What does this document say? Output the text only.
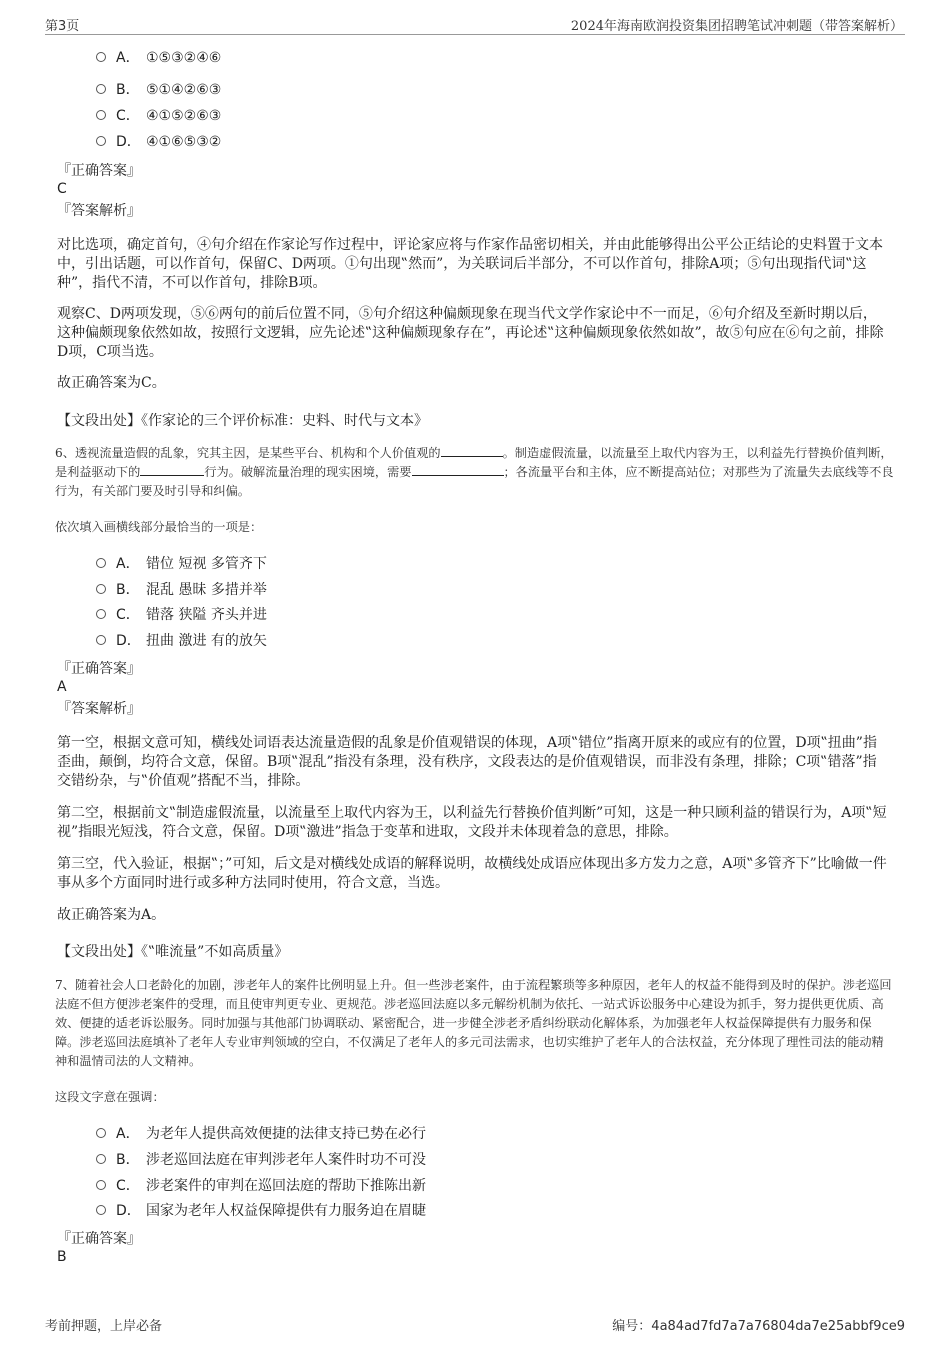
第3页	2024年海南欧润投资集团招聘笔试冲刺题（带答案解析）
A． ①⑤③②④⑥
B． ⑤①④②⑥③
C． ④①⑤②⑥③
D． ④①⑥⑤③②
『正确答案』
C
『答案解析』
对比选项，确定首句，④句介绍在作家论写作过程中，评论家应将与作家作品密切相关，并由此能够得出公平公正结论的史料置于文本中，引出话题，可以作首句，保留C、D两项。①句出现‟然而”，为关联词后半部分，不可以作首句，排除A项；⑤句出现指代词‟这种”，指代不清，不可以作首句，排除B项。
观察C、D两项发现，⑤⑥两句的前后位置不同，⑤句介绍这种偏颇现象在现当代文学作家论中不一而足，⑥句介绍及至新时期以后，这种偏颇现象依然如故，按照行文逻辑，应先论述‟这种偏颇现象存在”，再论述‟这种偏颇现象依然如故”，故⑤句应在⑥句之前，排除D项，C项当选。
故正确答案为C。
【文段出处】《作家论的三个评价标准：史料、时代与文本》
6、透视流量造假的乱象，究其主因，是某些平台、机构和个人价值观的	。制造虚假流量，以流量至上取代内容为王，以利益先行替换价值判断，是利益驱动下的	行为。破解流量治理的现实困境，需要	；各流量平台和主体，应不断提高站位；对那些为了流量失去底线等不良行为，有关部门要及时引导和纠偏。
依次填入画横线部分最恰当的一项是：
A． 错位 短视 多管齐下
B． 混乱 愚昧 多措并举
C． 错落 狭隘 齐头并进
D． 扭曲 激进 有的放矢
『正确答案』
A
『答案解析』
第一空，根据文意可知，横线处词语表达流量造假的乱象是价值观错误的体现，A项‟错位”指离开原来的或应有的位置，D项‟扭曲”指歪曲，颠倒，均符合文意，保留。B项‟混乱”指没有条理，没有秩序，文段表达的是价值观错误，而非没有条理，排除；C项‟错落”指交错纷杂，与‟价值观”搭配不当，排除。
第二空，根据前文‟制造虚假流量，以流量至上取代内容为王，以利益先行替换价值判断”可知，这是一种只顾利益的错误行为，A项‟短视”指眼光短浅，符合文意，保留。D项‟激进”指急于变革和进取，文段并未体现着急的意思，排除。
第三空，代入验证，根据‟；”可知，后文是对横线处成语的解释说明，故横线处成语应体现出多方发力之意，A项‟多管齐下”比喻做一件事从多个方面同时进行或多种方法同时使用，符合文意，当选。
故正确答案为A。
【文段出处】《‟唯流量”不如高质量》
7、随着社会人口老龄化的加剧，涉老年人的案件比例明显上升。但一些涉老案件，由于流程繁琐等多种原因，老年人的权益不能得到及时的保护。涉老巡回法庭不但方便涉老案件的受理，而且使审判更专业、更规范。涉老巡回法庭以多元解纷机制为依托、一站式诉讼服务中心建设为抓手，努力提供更优质、高效、便捷的适老诉讼服务。同时加强与其他部门协调联动、紧密配合，进一步健全涉老矛盾纠纷联动化解体系，为加强老年人权益保障提供有力服务和保障。涉老巡回法庭填补了老年人专业审判领域的空白，不仅满足了老年人的多元司法需求，也切实维护了老年人的合法权益，充分体现了理性司法的能动精神和温情司法的人文精神。
这段文字意在强调：
A． 为老年人提供高效便捷的法律支持已势在必行
B． 涉老巡回法庭在审判涉老年人案件时功不可没
C． 涉老案件的审判在巡回法庭的帮助下推陈出新
D． 国家为老年人权益保障提供有力服务迫在眉睫
『正确答案』
B
考前押题，上岸必备	编号：4a84ad7fd7a7a76804da7e25abbf9ce9
